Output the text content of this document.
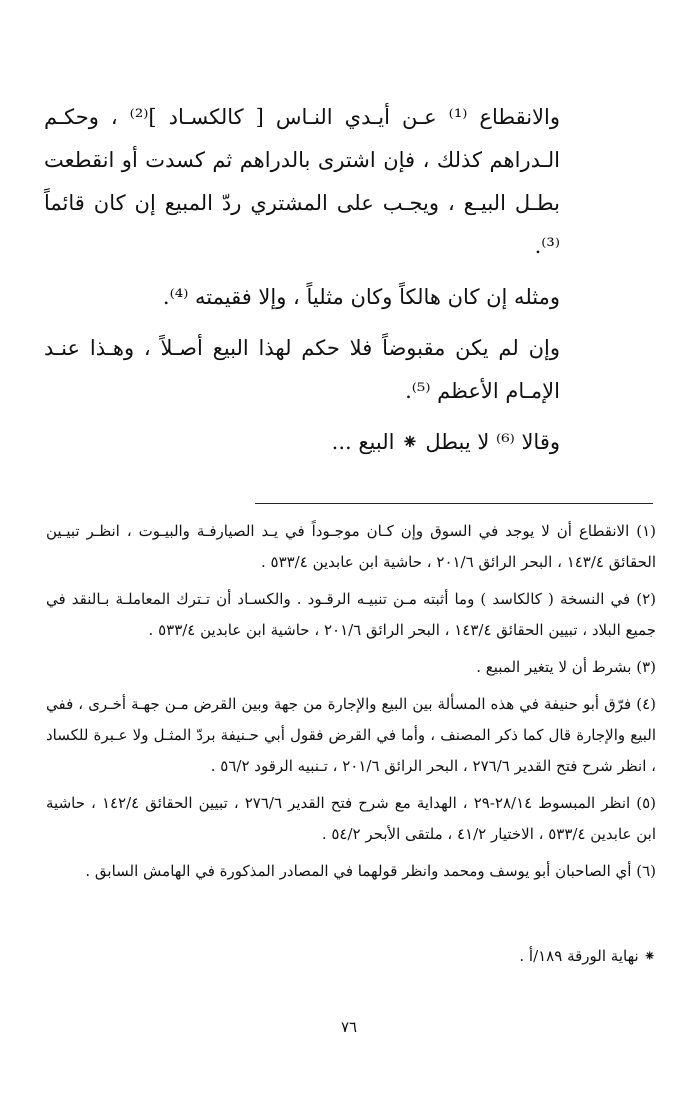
والانقطاع ⁽¹⁾ عـن أيـدي النـاس [ كالكسـاد ]⁽²⁾ ، وحكـم الـدراهم كذلك ، فإن اشترى بالدراهم ثم كسدت أو انقطعت بطـل البيـع ، ويجـب على المشتري ردّ المبيع إن كان قائماً ⁽³⁾.

ومثله إن كان هالكاً وكان مثلياً ، وإلا فقيمته ⁽⁴⁾.

وإن لم يكن مقبوضاً فلا حكم لهذا البيع أصـلاً ، وهـذا عنـد الإمـام الأعظم ⁽⁵⁾.

وقالا ⁽⁶⁾ لا يبطل ⁕ البيع ...

(١) الانقطاع أن لا يوجد في السوق وإن كـان موجـوداً في يـد الصيارفـة والبيـوت ، انظـر تبيـين الحقائق ١٤٣/٤ ، البحر الرائق ٢٠١/٦ ، حاشية ابن عابدين ٥٣٣/٤ .

(٢) في النسخة ( كالكاسد ) وما أثبته مـن تنبيـه الرقـود . والكسـاد أن تـترك المعاملـة بـالنقد في جميع البلاد ، تبيين الحقائق ١٤٣/٤ ، البحر الرائق ٢٠١/٦ ، حاشية ابن عابدين ٥٣٣/٤ .

(٣) بشرط أن لا يتغير المبيع .

(٤) فرّق أبو حنيفة في هذه المسألة بين البيع والإجارة من جهة وبين القرض مـن جهـة أخـرى ، ففي البيع والإجارة قال كما ذكر المصنف ، وأما في القرض فقول أبي حـنيفة بردّ المثـل ولا عـبرة للكساد ، انظر شرح فتح القدير ٢٧٦/٦ ، البحر الرائق ٢٠١/٦ ، تـنبيه الرقود ٥٦/٢ .

(٥) انظر المبسوط ٢٨/١٤-٢٩ ، الهداية مع شرح فتح القدير ٢٧٦/٦ ، تبيين الحقائق ١٤٢/٤ ، حاشية ابن عابدين ٥٣٣/٤ ، الاختيار ٤١/٢ ، ملتقى الأبحر ٥٤/٢ .

(٦) أي الصاحبان أبو يوسف ومحمد وانظر قولهما في المصادر المذكورة في الهامش السابق .

⁕ نهاية الورقة ١٨٩/أ .
٧٦
